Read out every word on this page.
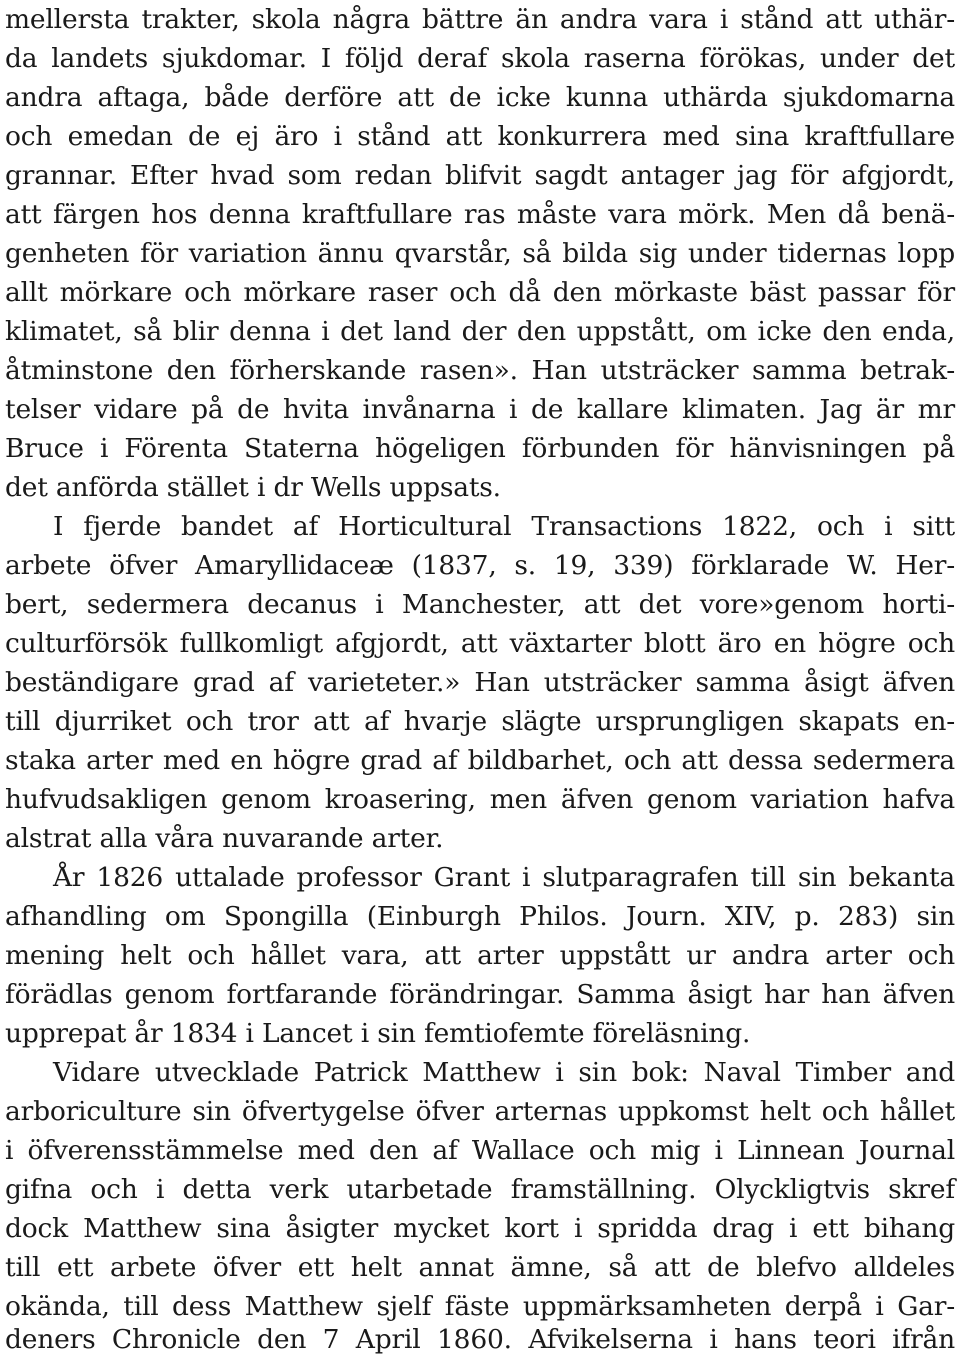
mellersta trakter, skola några bättre än andra vara i stånd att uthär-
da landets sjukdomar. I följd deraf skola raserna förökas, under det
andra aftaga, både derföre att de icke kunna uthärda sjukdomarna
och emedan de ej äro i stånd att konkurrera med sina kraftfullare
grannar. Efter hvad som redan blifvit sagdt antager jag för afgjordt,
att färgen hos denna kraftfullare ras måste vara mörk. Men då benä-
genheten för variation ännu qvarstår, så bilda sig under tidernas lopp
allt mörkare och mörkare raser och då den mörkaste bäst passar för
klimatet, så blir denna i det land der den uppstått, om icke den enda,
åtminstone den förherskande rasen». Han utsträcker samma betrak-
telser vidare på de hvita invånarna i de kallare klimaten. Jag är mr
Bruce i Förenta Staterna högeligen förbunden för hänvisningen på
det anförda stället i dr Wells uppsats.
I fjerde bandet af Horticultural Transactions 1822, och i sitt
arbete öfver Amaryllidaceæ (1837, s. 19, 339) förklarade W. Her-
bert, sedermera decanus i Manchester, att det vore»genom horti-
culturförsök fullkomligt afgjordt, att växtarter blott äro en högre och
beständigare grad af varieteter.» Han utsträcker samma åsigt äfven
till djurriket och tror att af hvarje slägte ursprungligen skapats en-
staka arter med en högre grad af bildbarhet, och att dessa sedermera
hufvudsakligen genom kroasering, men äfven genom variation hafva
alstrat alla våra nuvarande arter.
År 1826 uttalade professor Grant i slutparagrafen till sin bekanta
afhandling om Spongilla (Einburgh Philos. Journ. XIV, p. 283) sin
mening helt och hållet vara, att arter uppstått ur andra arter och
förädlas genom fortfarande förändringar. Samma åsigt har han äfven
upprepat år 1834 i Lancet i sin femtiofemte föreläsning.
Vidare utvecklade Patrick Matthew i sin bok: Naval Timber and
arboriculture sin öfvertygelse öfver arternas uppkomst helt och hållet
i öfverensstämmelse med den af Wallace och mig i Linnean Journal
gifna och i detta verk utarbetade framställning. Olyckligtvis skref
dock Matthew sina åsigter mycket kort i spridda drag i ett bihang
till ett arbete öfver ett helt annat ämne, så att de blefvo alldeles
okända, till dess Matthew sjelf fäste uppmärksamheten derpå i Gar-
deners Chronicle den 7 April 1860. Afvikelserna i hans teori ifrån
